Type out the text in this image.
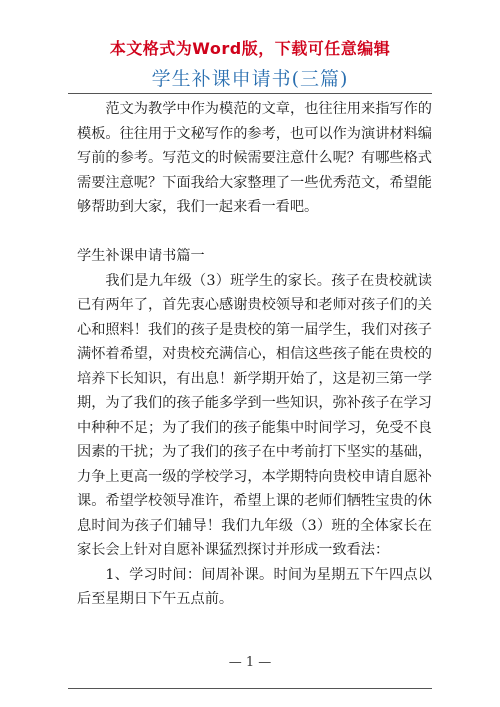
本文格式为Word版，下载可任意编辑
学生补课申请书(三篇)

范文为教学中作为模范的文章，也往往用来指写作的模板。往往用于文秘写作的参考，也可以作为演讲材料编写前的参考。写范文的时候需要注意什么呢？有哪些格式需要注意呢？下面我给大家整理了一些优秀范文，希望能够帮助到大家，我们一起来看一看吧。

学生补课申请书篇一

我们是九年级（3）班学生的家长。孩子在贵校就读已有两年了，首先衷心感谢贵校领导和老师对孩子们的关心和照料！我们的孩子是贵校的第一届学生，我们对孩子满怀着希望，对贵校充满信心，相信这些孩子能在贵校的培养下长知识，有出息！新学期开始了，这是初三第一学期，为了我们的孩子能多学到一些知识，弥补孩子在学习中种种不足；为了我们的孩子能集中时间学习，免受不良因素的干扰；为了我们的孩子在中考前打下坚实的基础，力争上更高一级的学校学习，本学期特向贵校申请自愿补课。希望学校领导准许，希望上课的老师们牺牲宝贵的休息时间为孩子们辅导！我们九年级（3）班的全体家长在家长会上针对自愿补课猛烈探讨并形成一致看法：

1、学习时间：间周补课。时间为星期五下午四点以后至星期日下午五点前。

— 1 —
